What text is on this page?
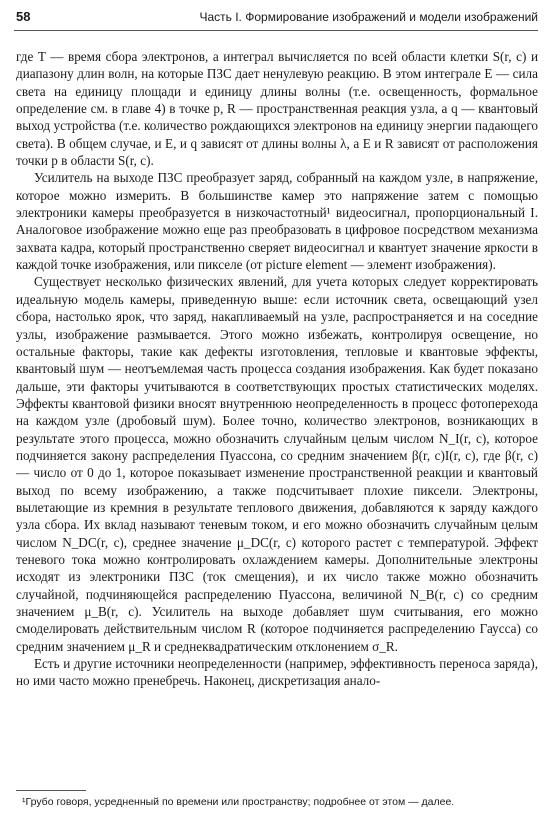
58	Часть I. Формирование изображений и модели изображений

где T — время сбора электронов, а интеграл вычисляется по всей области клетки S(r, c) и диапазону длин волн, на которые ПЗС дает ненулевую реакцию. В этом интеграле E — сила света на единицу площади и единицу длины волны (т.е. освещенность, формальное определение см. в главе 4) в точке p, R — пространственная реакция узла, а q — квантовый выход устройства (т.е. количество рождающихся электронов на единицу энергии падающего света). В общем случае, и E, и q зависят от длины волны λ, а E и R зависят от расположения точки p в области S(r, c).

Усилитель на выходе ПЗС преобразует заряд, собранный на каждом узле, в напряжение, которое можно измерить. В большинстве камер это напряжение затем с помощью электроники камеры преобразуется в низкочастотный¹ видеосигнал, пропорциональный I. Аналоговое изображение можно еще раз преобразовать в цифровое посредством механизма захвата кадра, который пространственно сверяет видеосигнал и квантует значение яркости в каждой точке изображения, или пикселе (от picture element — элемент изображения).

Существует несколько физических явлений, для учета которых следует корректировать идеальную модель камеры, приведенную выше: если источник света, освещающий узел сбора, настолько ярок, что заряд, накапливаемый на узле, распространяется и на соседние узлы, изображение размывается. Этого можно избежать, контролируя освещение, но остальные факторы, такие как дефекты изготовления, тепловые и квантовые эффекты, квантовый шум — неотъемлемая часть процесса создания изображения. Как будет показано дальше, эти факторы учитываются в соответствующих простых статистических моделях. Эффекты квантовой физики вносят внутреннюю неопределенность в процесс фотоперехода на каждом узле (дробовый шум). Более точно, количество электронов, возникающих в результате этого процесса, можно обозначить случайным целым числом N_I(r, c), которое подчиняется закону распределения Пуассона, со средним значением β(r, c)I(r, c), где β(r, c) — число от 0 до 1, которое показывает изменение пространственной реакции и квантовый выход по всему изображению, а также подсчитывает плохие пиксели. Электроны, вылетающие из кремния в результате теплового движения, добавляются к заряду каждого узла сбора. Их вклад называют теневым током, и его можно обозначить случайным целым числом N_DC(r, c), среднее значение μ_DC(r, c) которого растет с температурой. Эффект теневого тока можно контролировать охлаждением камеры. Дополнительные электроны исходят из электроники ПЗС (ток смещения), и их число также можно обозначить случайной, подчиняющейся распределению Пуассона, величиной N_B(r, c) со средним значением μ_B(r, c). Усилитель на выходе добавляет шум считывания, его можно смоделировать действительным числом R (которое подчиняется распределению Гаусса) со средним значением μ_R и среднеквадратическим отклонением σ_R.

Есть и другие источники неопределенности (например, эффективность переноса заряда), но ими часто можно пренебречь. Наконец, дискретизация анало-

¹Грубо говоря, усредненный по времени или пространству; подробнее от этом — далее.
